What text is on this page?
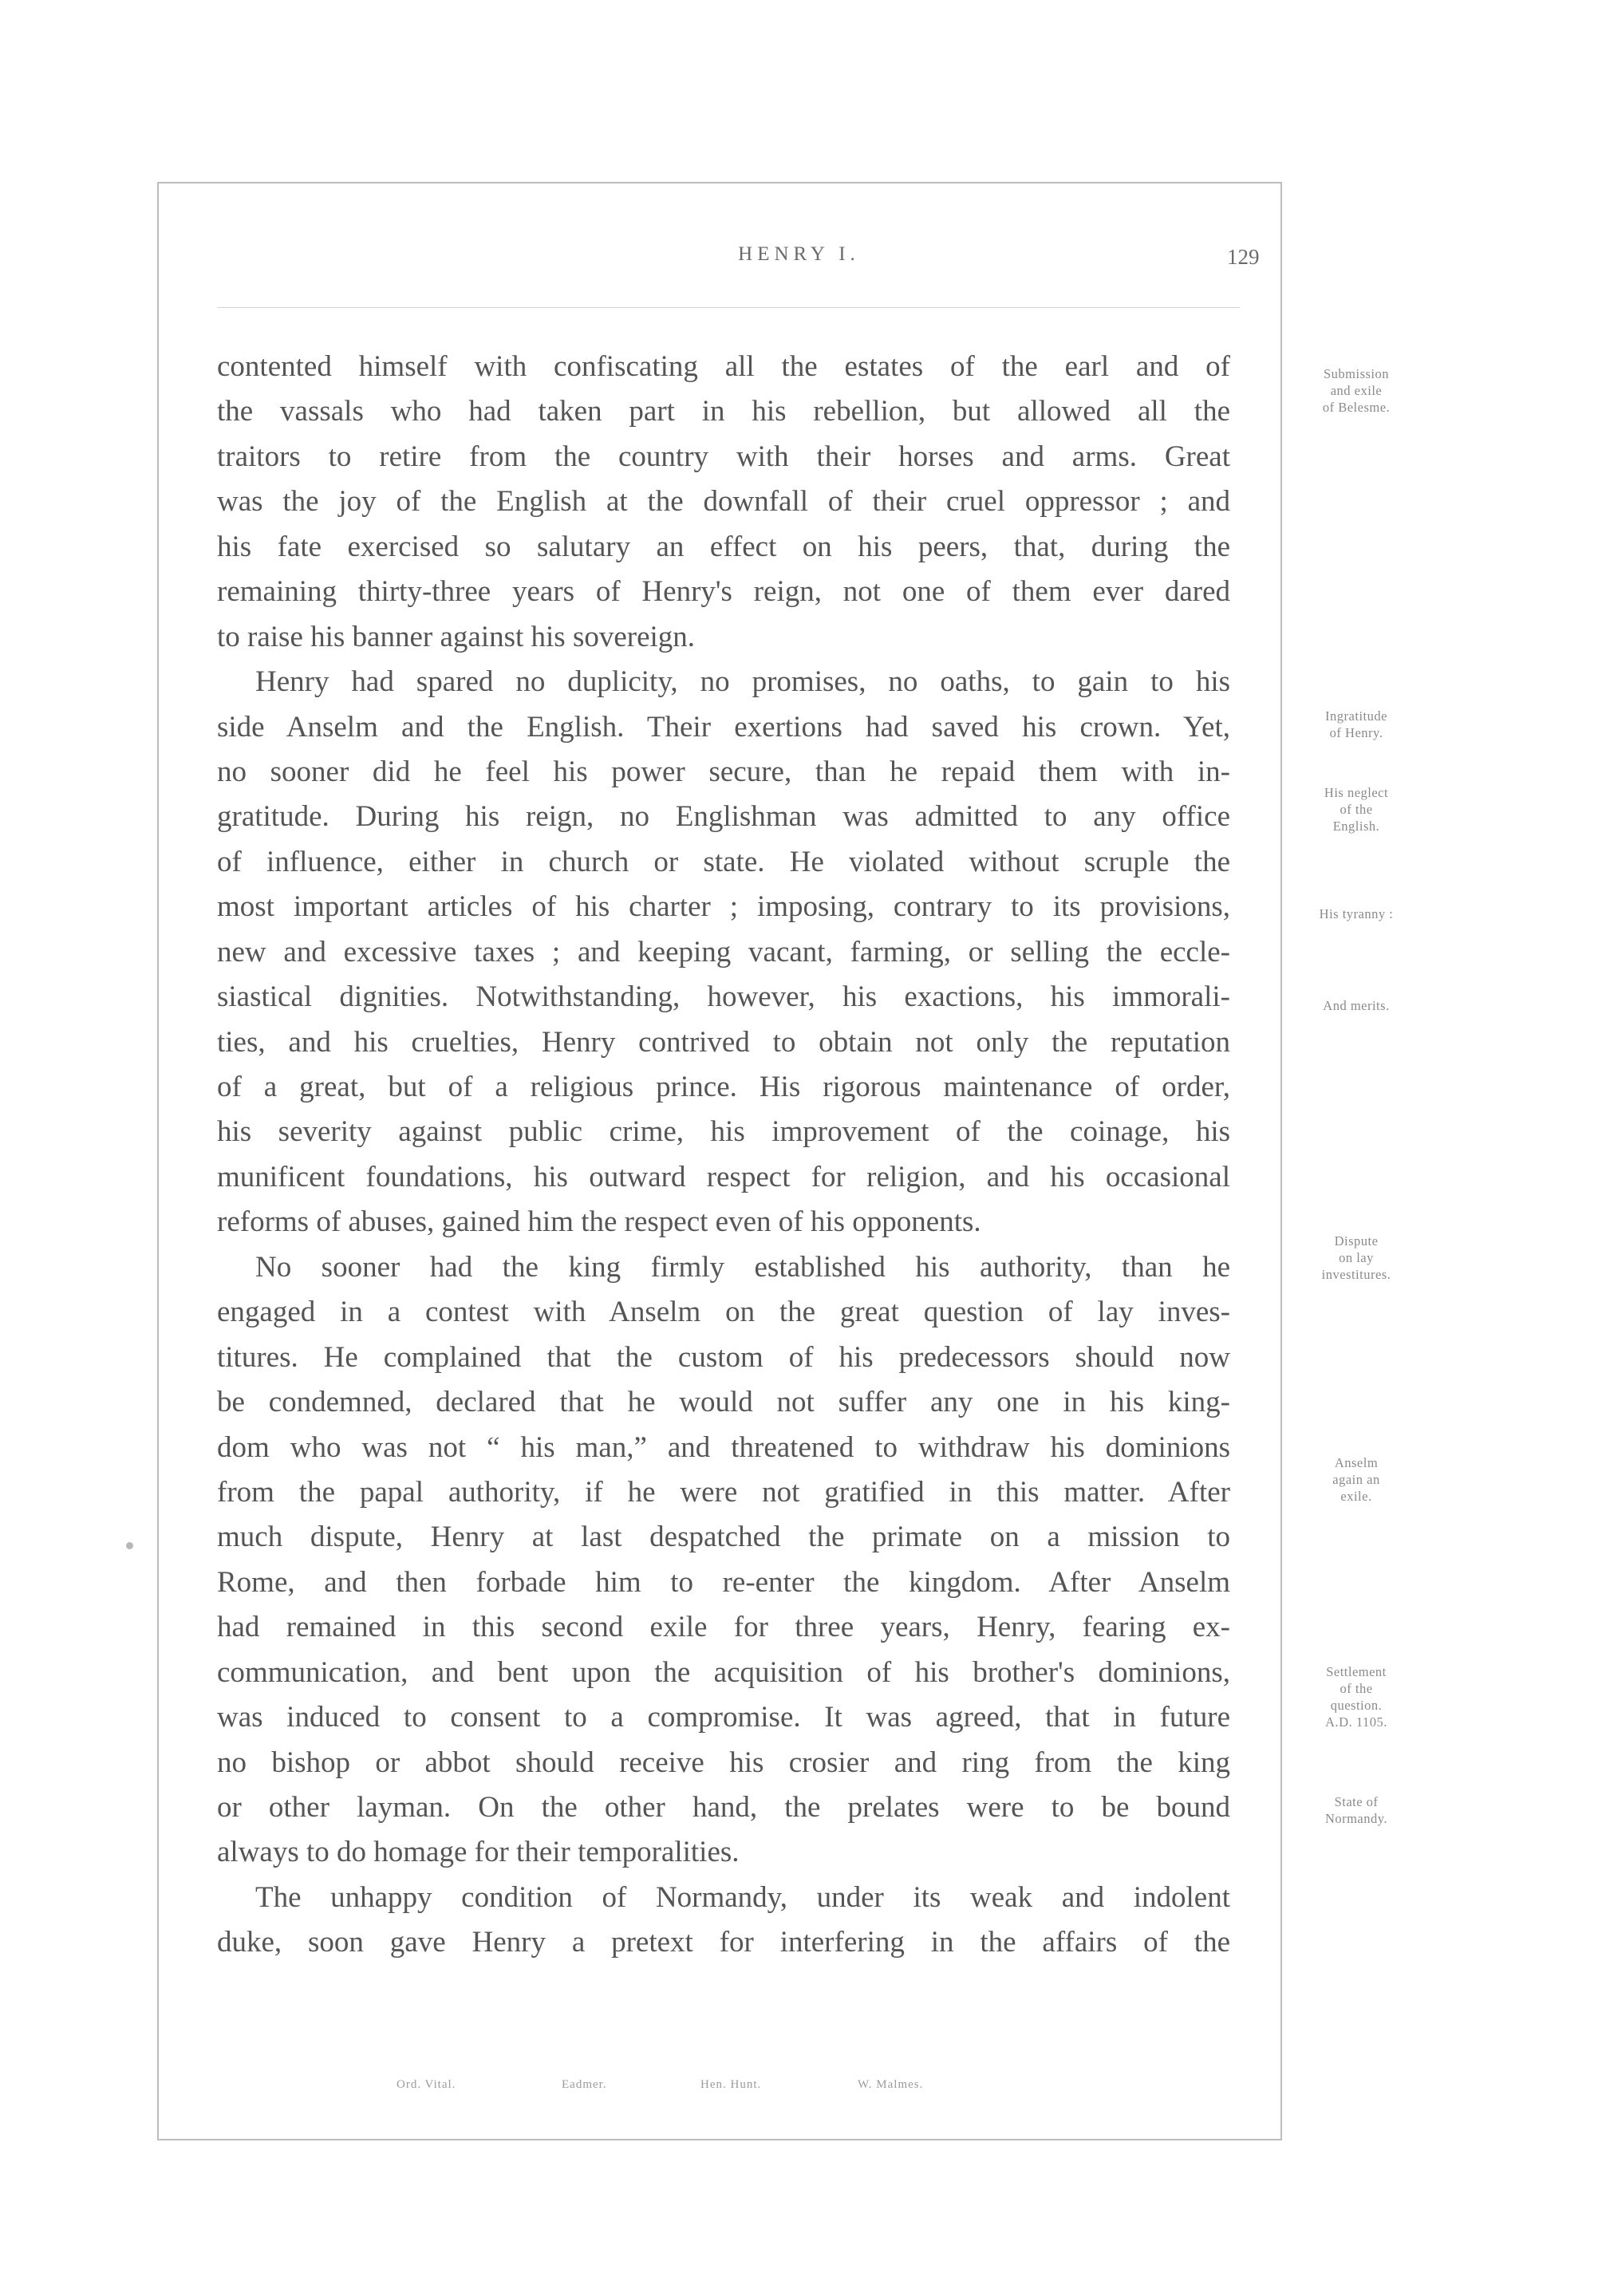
HENRY I.	129
contented himself with confiscating all the estates of the earl and of
the vassals who had taken part in his rebellion, but allowed all the
traitors to retire from the country with their horses and arms. Great
was the joy of the English at the downfall of their cruel oppressor ; and
his fate exercised so salutary an effect on his peers, that, during the
remaining thirty-three years of Henry's reign, not one of them ever dared
to raise his banner against his sovereign.
Henry had spared no duplicity, no promises, no oaths, to gain to his
side Anselm and the English. Their exertions had saved his crown. Yet,
no sooner did he feel his power secure, than he repaid them with in-
gratitude. During his reign, no Englishman was admitted to any office
of influence, either in church or state. He violated without scruple the
most important articles of his charter ; imposing, contrary to its provisions,
new and excessive taxes ; and keeping vacant, farming, or selling the eccle-
siastical dignities. Notwithstanding, however, his exactions, his immorali-
ties, and his cruelties, Henry contrived to obtain not only the reputation
of a great, but of a religious prince. His rigorous maintenance of order,
his severity against public crime, his improvement of the coinage, his
munificent foundations, his outward respect for religion, and his occasional
reforms of abuses, gained him the respect even of his opponents.
No sooner had the king firmly established his authority, than he
engaged in a contest with Anselm on the great question of lay inves-
titures. He complained that the custom of his predecessors should now
be condemned, declared that he would not suffer any one in his king-
dom who was not “ his man,” and threatened to withdraw his dominions
from the papal authority, if he were not gratified in this matter. After
much dispute, Henry at last despatched the primate on a mission to
Rome, and then forbade him to re-enter the kingdom. After Anselm
had remained in this second exile for three years, Henry, fearing ex-
communication, and bent upon the acquisition of his brother's dominions,
was induced to consent to a compromise. It was agreed, that in future
no bishop or abbot should receive his crosier and ring from the king
or other layman. On the other hand, the prelates were to be bound
always to do homage for their temporalities.
The unhappy condition of Normandy, under its weak and indolent
duke, soon gave Henry a pretext for interfering in the affairs of the
Submission
and exile
of Belesme.
Ingratitude
of Henry.
His neglect
of the
English.
His tyranny :
And merits.
Dispute
on lay
investitures.
Anselm
again an
exile.
Settlement
of the
question.
A.D. 1105.
State of
Normandy.
Ord. Vital.	Eadmer.	Hen. Hunt.	W. Malmes.
